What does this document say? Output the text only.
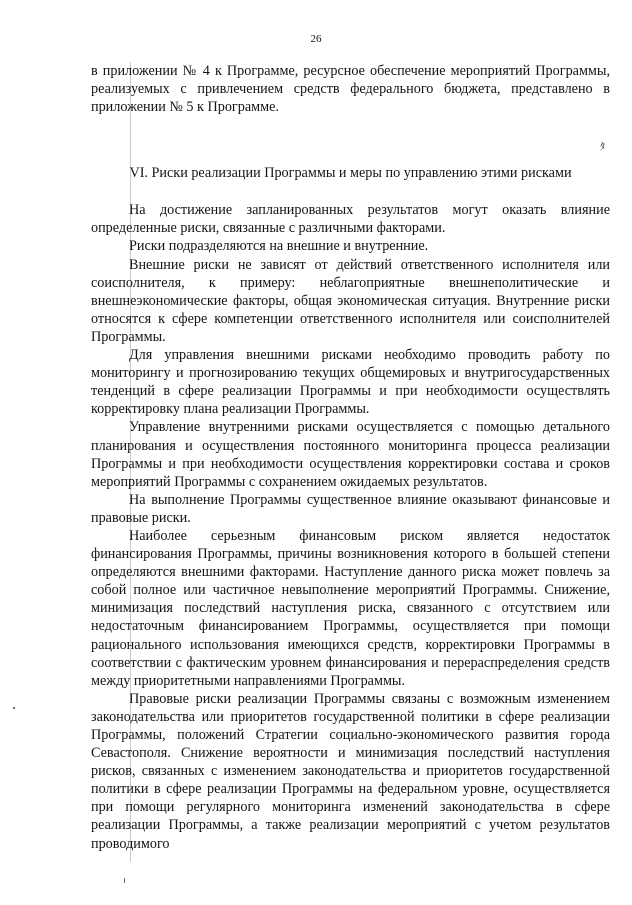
26
ﾀ

в приложении № 4 к Программе, ресурсное обеспечение мероприятий Программы, реализуемых с привлечением средств федерального бюджета, представлено в приложении № 5 к Программе.

VI. Риски реализации Программы и меры по управлению этими рисками

На достижение запланированных результатов могут оказать влияние определенные риски, связанные с различными факторами.

Риски подразделяются на внешние и внутренние.

Внешние риски не зависят от действий ответственного исполнителя или соисполнителя, к примеру: неблагоприятные внешнеполитические и внешнеэкономические факторы, общая экономическая ситуация. Внутренние риски относятся к сфере компетенции ответственного исполнителя или соисполнителей Программы.

Для управления внешними рисками необходимо проводить работу по мониторингу и прогнозированию текущих общемировых и внутригосударственных тенденций в сфере реализации Программы и при необходимости осуществлять корректировку плана реализации Программы.

Управление внутренними рисками осуществляется с помощью детального планирования и осуществления постоянного мониторинга процесса реализации Программы и при необходимости осуществления корректировки состава и сроков мероприятий Программы с сохранением ожидаемых результатов.

На выполнение Программы существенное влияние оказывают финансовые и правовые риски.

Наиболее серьезным финансовым риском является недостаток финансирования Программы, причины возникновения которого в большей степени определяются внешними факторами. Наступление данного риска может повлечь за собой полное или частичное невыполнение мероприятий Программы. Снижение, минимизация последствий наступления риска, связанного с отсутствием или недостаточным финансированием Программы, осуществляется при помощи рационального использования имеющихся средств, корректировки Программы в соответствии с фактическим уровнем финансирования и перераспределения средств между приоритетными направлениями Программы.

Правовые риски реализации Программы связаны с возможным изменением законодательства или приоритетов государственной политики в сфере реализации Программы, положений Стратегии социально-экономического развития города Севастополя. Снижение вероятности и минимизация последствий наступления рисков, связанных с изменением законодательства и приоритетов государственной политики в сфере реализации Программы на федеральном уровне, осуществляется при помощи регулярного мониторинга изменений законодательства в сфере реализации Программы, а также реализации мероприятий с учетом результатов проводимого
